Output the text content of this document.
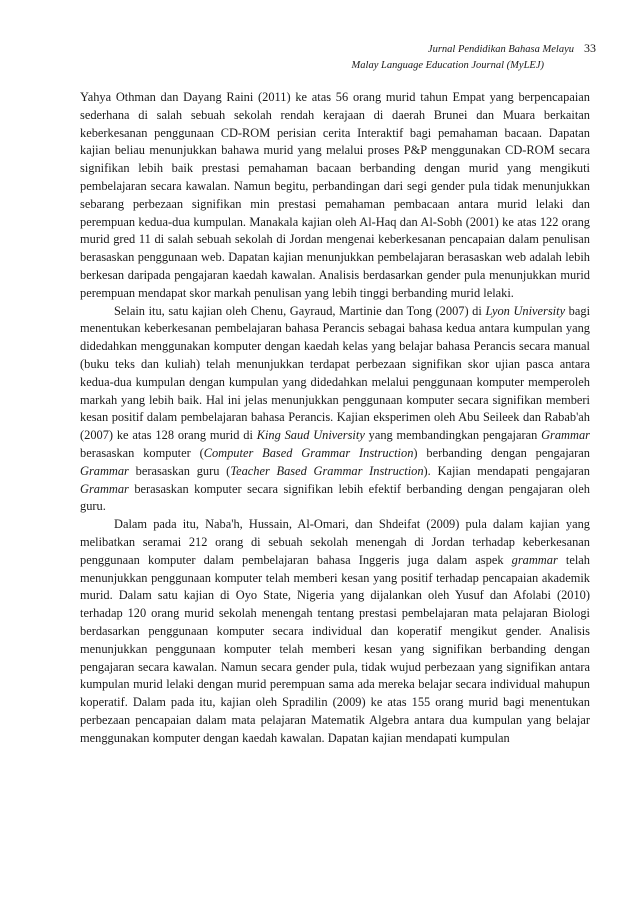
Jurnal Pendidikan Bahasa Melayu 33
Malay Language Education Journal (MyLEJ)

Yahya Othman dan Dayang Raini (2011) ke atas 56 orang murid tahun Empat yang berpencapaian sederhana di salah sebuah sekolah rendah kerajaan di daerah Brunei dan Muara berkaitan keberkesanan penggunaan CD-ROM perisian cerita Interaktif bagi pemahaman bacaan. Dapatan kajian beliau menunjukkan bahawa murid yang melalui proses P&P menggunakan CD-ROM secara signifikan lebih baik prestasi pemahaman bacaan berbanding dengan murid yang mengikuti pembelajaran secara kawalan. Namun begitu, perbandingan dari segi gender pula tidak menunjukkan sebarang perbezaan signifikan min prestasi pemahaman pembacaan antara murid lelaki dan perempuan kedua-dua kumpulan. Manakala kajian oleh Al-Haq dan Al-Sobh (2001) ke atas 122 orang murid gred 11 di salah sebuah sekolah di Jordan mengenai keberkesanan pencapaian dalam penulisan berasaskan penggunaan web. Dapatan kajian menunjukkan pembelajaran berasaskan web adalah lebih berkesan daripada pengajaran kaedah kawalan. Analisis berdasarkan gender pula menunjukkan murid perempuan mendapat skor markah penulisan yang lebih tinggi berbanding murid lelaki.

Selain itu, satu kajian oleh Chenu, Gayraud, Martinie dan Tong (2007) di Lyon University bagi menentukan keberkesanan pembelajaran bahasa Perancis sebagai bahasa kedua antara kumpulan yang didedahkan menggunakan komputer dengan kaedah kelas yang belajar bahasa Perancis secara manual (buku teks dan kuliah) telah menunjukkan terdapat perbezaan signifikan skor ujian pasca antara kedua-dua kumpulan dengan kumpulan yang didedahkan melalui penggunaan komputer memperoleh markah yang lebih baik. Hal ini jelas menunjukkan penggunaan komputer secara signifikan memberi kesan positif dalam pembelajaran bahasa Perancis. Kajian eksperimen oleh Abu Seileek dan Rabab'ah (2007) ke atas 128 orang murid di King Saud University yang membandingkan pengajaran Grammar berasaskan komputer (Computer Based Grammar Instruction) berbanding dengan pengajaran Grammar berasaskan guru (Teacher Based Grammar Instruction). Kajian mendapati pengajaran Grammar berasaskan komputer secara signifikan lebih efektif berbanding dengan pengajaran oleh guru.

Dalam pada itu, Naba'h, Hussain, Al-Omari, dan Shdeifat (2009) pula dalam kajian yang melibatkan seramai 212 orang di sebuah sekolah menengah di Jordan terhadap keberkesanan penggunaan komputer dalam pembelajaran bahasa Inggeris juga dalam aspek grammar telah menunjukkan penggunaan komputer telah memberi kesan yang positif terhadap pencapaian akademik murid. Dalam satu kajian di Oyo State, Nigeria yang dijalankan oleh Yusuf dan Afolabi (2010) terhadap 120 orang murid sekolah menengah tentang prestasi pembelajaran mata pelajaran Biologi berdasarkan penggunaan komputer secara individual dan koperatif mengikut gender. Analisis menunjukkan penggunaan komputer telah memberi kesan yang signifikan berbanding dengan pengajaran secara kawalan. Namun secara gender pula, tidak wujud perbezaan yang signifikan antara kumpulan murid lelaki dengan murid perempuan sama ada mereka belajar secara individual mahupun koperatif. Dalam pada itu, kajian oleh Spradilin (2009) ke atas 155 orang murid bagi menentukan perbezaan pencapaian dalam mata pelajaran Matematik Algebra antara dua kumpulan yang belajar menggunakan komputer dengan kaedah kawalan. Dapatan kajian mendapati kumpulan
